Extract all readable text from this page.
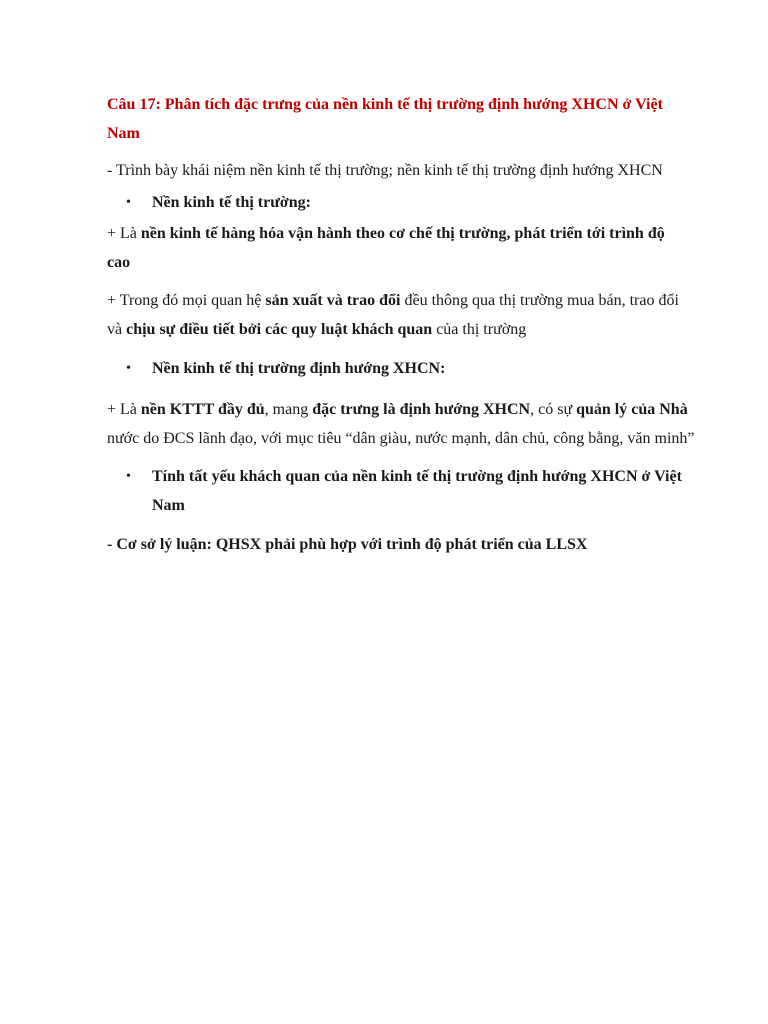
Câu 17: Phân tích đặc trưng của nền kinh tế thị trường định hướng XHCN ở Việt
Nam
- Trình bày khái niệm nền kinh tế thị trường; nền kinh tế thị trường định hướng XHCN
• Nền kinh tế thị trường:
+ Là nền kinh tế hàng hóa vận hành theo cơ chế thị trường, phát triển tới trình độ
cao
+ Trong đó mọi quan hệ sản xuất và trao đổi đều thông qua thị trường mua bán, trao đổi
và chịu sự điều tiết bởi các quy luật khách quan của thị trường
• Nền kinh tế thị trường định hướng XHCN:
+ Là nền KTTT đầy đủ, mang đặc trưng là định hướng XHCN, có sự quản lý của Nhà
nước do ĐCS lãnh đạo, với mục tiêu “dân giàu, nước mạnh, dân chủ, công bằng, văn minh”
• Tính tất yếu khách quan của nền kinh tế thị trường định hướng XHCN ở Việt
Nam
- Cơ sở lý luận: QHSX phải phù hợp với trình độ phát triển của LLSX
